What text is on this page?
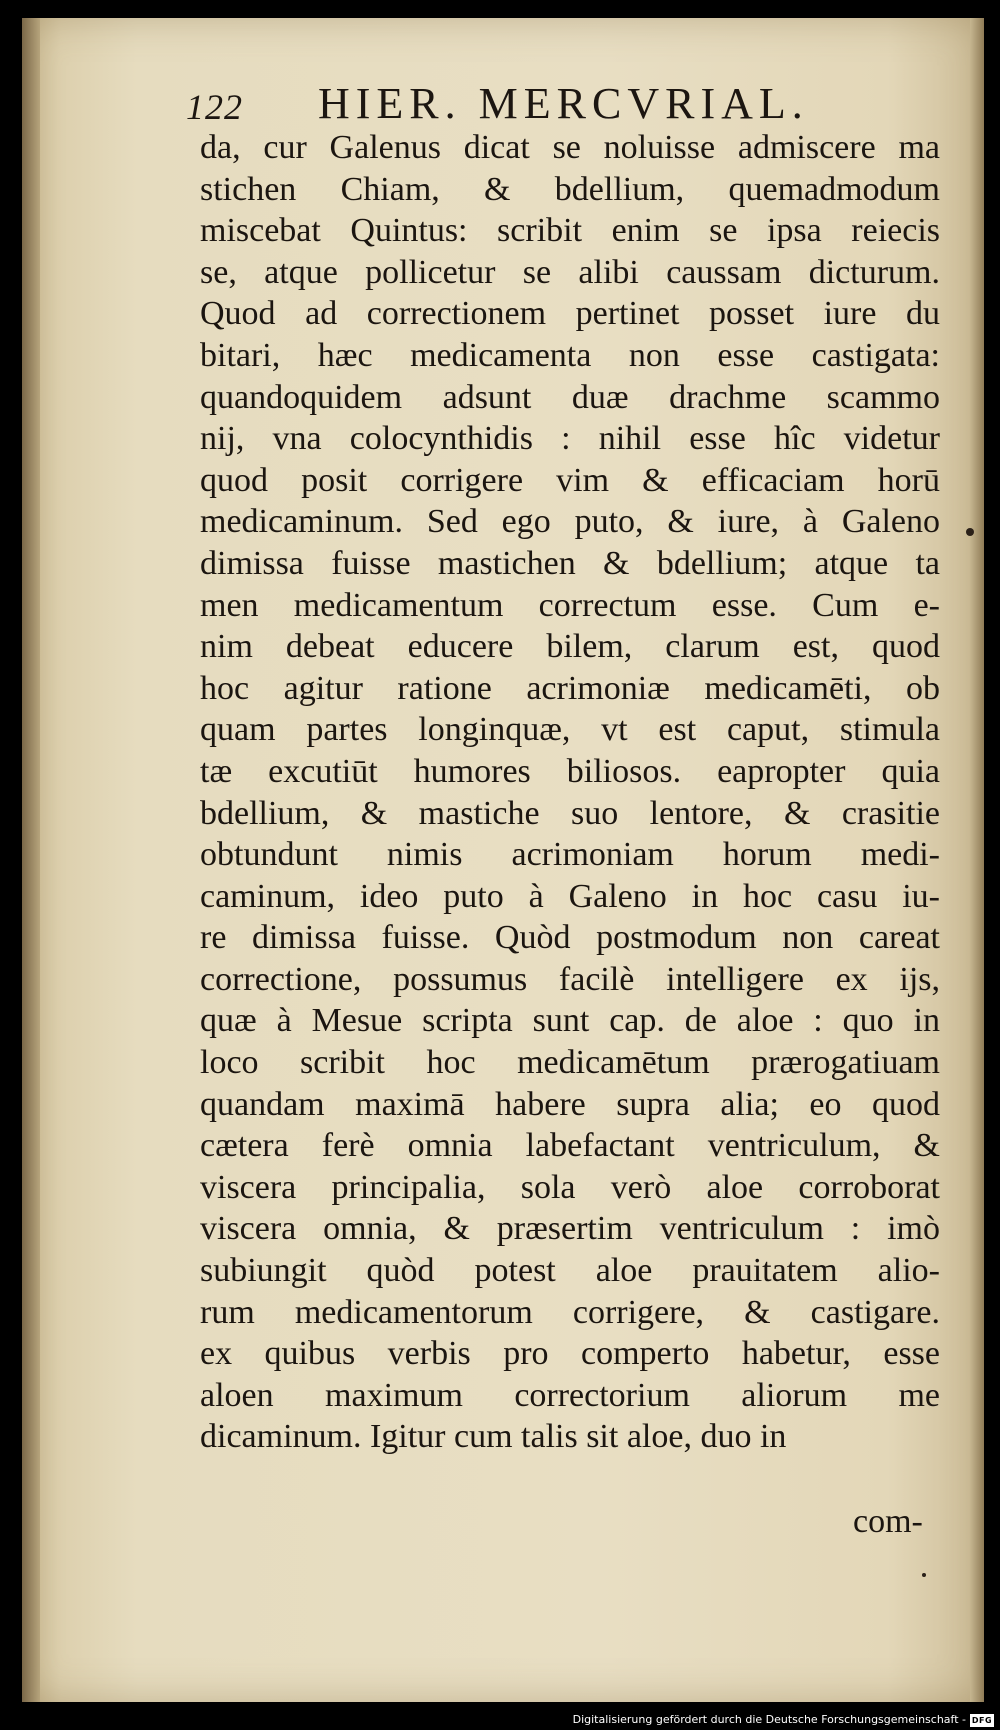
122 HIER. MERCVRIAL.
da, cur Galenus dicat se noluisse admiscere ma
stichen Chiam, & bdellium, quemadmodum
miscebat Quintus: scribit enim se ipsa reiecis
se, atque pollicetur se alibi caussam dicturum.
Quod ad correctionem pertinet posset iure du
bitari, hæc medicamenta non esse castigata:
quandoquidem adsunt duæ drachme scammo
nij, vna colocynthidis : nihil esse hîc videtur
quod posit corrigere vim & efficaciam horū
medicaminum. Sed ego puto, & iure, à Galeno
dimissa fuisse mastichen & bdellium; atque ta
men medicamentum correctum esse. Cum e-
nim debeat educere bilem, clarum est, quod
hoc agitur ratione acrimoniæ medicamēti, ob
quam partes longinquæ, vt est caput, stimula
tæ excutiūt humores biliosos. eapropter quia
bdellium, & mastiche suo lentore, & crasitie
obtundunt nimis acrimoniam horum medi-
caminum, ideo puto à Galeno in hoc casu iu-
re dimissa fuisse. Quòd postmodum non careat
correctione, possumus facilè intelligere ex ijs,
quæ à Mesue scripta sunt cap. de aloe : quo in
loco scribit hoc medicamētum prærogatiuam
quandam maximā habere supra alia; eo quod
cætera ferè omnia labefactant ventriculum, &
viscera principalia, sola verò aloe corroborat
viscera omnia, & præsertim ventriculum : imò
subiungit quòd potest aloe prauitatem alio-
rum medicamentorum corrigere, & castigare.
ex quibus verbis pro comperto habetur, esse
aloen maximum correctorium aliorum me
dicaminum. Igitur cum talis sit aloe, duo in
com-
Digitalisierung gefördert durch die Deutsche Forschungsgemeinschaft - DFG
